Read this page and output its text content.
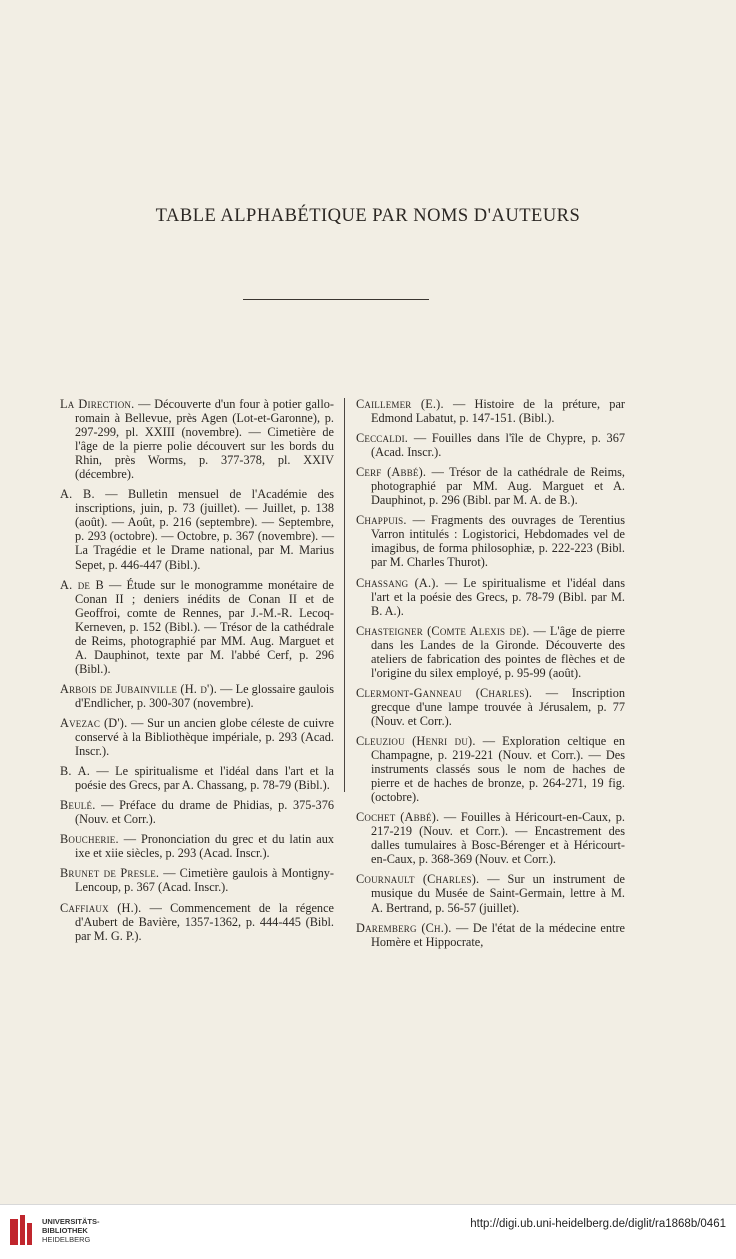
TABLE ALPHABÉTIQUE PAR NOMS D'AUTEURS

La Direction. — Découverte d'un four à potier gallo-romain à Bellevue, près Agen (Lot-et-Garonne), p. 297-299, pl. XXIII (novembre). — Cimetière de l'âge de la pierre polie découvert sur les bords du Rhin, près Worms, p. 377-378, pl. XXIV (décembre).

A. B. — Bulletin mensuel de l'Académie des inscriptions, juin, p. 73 (juillet). — Juillet, p. 138 (août). — Août, p. 216 (septembre). — Septembre, p. 293 (octobre). — Octobre, p. 367 (novembre). — La Tragédie et le Drame national, par M. Marius Sepet, p. 446-447 (Bibl.).

A. de B — Étude sur le monogramme monétaire de Conan II ; deniers inédits de Conan II et de Geoffroi, comte de Rennes, par J.-M.-R. Lecoq-Kerneven, p. 152 (Bibl.). — Trésor de la cathédrale de Reims, photographié par MM. Aug. Marguet et A. Dauphinot, texte par M. l'abbé Cerf, p. 296 (Bibl.).

Arbois de Jubainville (H. d'). — Le glossaire gaulois d'Endlicher, p. 300-307 (novembre).

Avezac (D'). — Sur un ancien globe céleste de cuivre conservé à la Bibliothèque impériale, p. 293 (Acad. Inscr.).

B. A. — Le spiritualisme et l'idéal dans l'art et la poésie des Grecs, par A. Chassang, p. 78-79 (Bibl.).

Beulé. — Préface du drame de Phidias, p. 375-376 (Nouv. et Corr.).

Boucherie. — Prononciation du grec et du latin aux ixe et xiie siècles, p. 293 (Acad. Inscr.).

Brunet de Presle. — Cimetière gaulois à Montigny-Lencoup, p. 367 (Acad. Inscr.).

Caffiaux (H.). — Commencement de la régence d'Aubert de Bavière, 1357-1362, p. 444-445 (Bibl. par M. G. P.).

Caillemer (E.). — Histoire de la préture, par Edmond Labatut, p. 147-151. (Bibl.).

Ceccaldi. — Fouilles dans l'île de Chypre, p. 367 (Acad. Inscr.).

Cerf (Abbé). — Trésor de la cathédrale de Reims, photographié par MM. Aug. Marguet et A. Dauphinot, p. 296 (Bibl. par M. A. de B.).

Chappuis. — Fragments des ouvrages de Terentius Varron intitulés : Logistorici, Hebdomades vel de imagibus, de forma philosophiæ, p. 222-223 (Bibl. par M. Charles Thurot).

Chassang (A.). — Le spiritualisme et l'idéal dans l'art et la poésie des Grecs, p. 78-79 (Bibl. par M. B. A.).

Chasteigner (Comte Alexis de). — L'âge de pierre dans les Landes de la Gironde. Découverte des ateliers de fabrication des pointes de flèches et de l'origine du silex employé, p. 95-99 (août).

Clermont-Ganneau (Charles). — Inscription grecque d'une lampe trouvée à Jérusalem, p. 77 (Nouv. et Corr.).

Cleuziou (Henri du). — Exploration celtique en Champagne, p. 219-221 (Nouv. et Corr.). — Des instruments classés sous le nom de haches de pierre et de haches de bronze, p. 264-271, 19 fig. (octobre).

Cochet (Abbé). — Fouilles à Héricourt-en-Caux, p. 217-219 (Nouv. et Corr.). — Encastrement des dalles tumulaires à Bosc-Bérenger et à Héricourt-en-Caux, p. 368-369 (Nouv. et Corr.).

Cournault (Charles). — Sur un instrument de musique du Musée de Saint-Germain, lettre à M. A. Bertrand, p. 56-57 (juillet).

Daremberg (Ch.). — De l'état de la médecine entre Homère et Hippocrate,

UNIVERSITÄTS-
BIBLIOTHEK
HEIDELBERG
http://digi.ub.uni-heidelberg.de/diglit/ra1868b/0461
